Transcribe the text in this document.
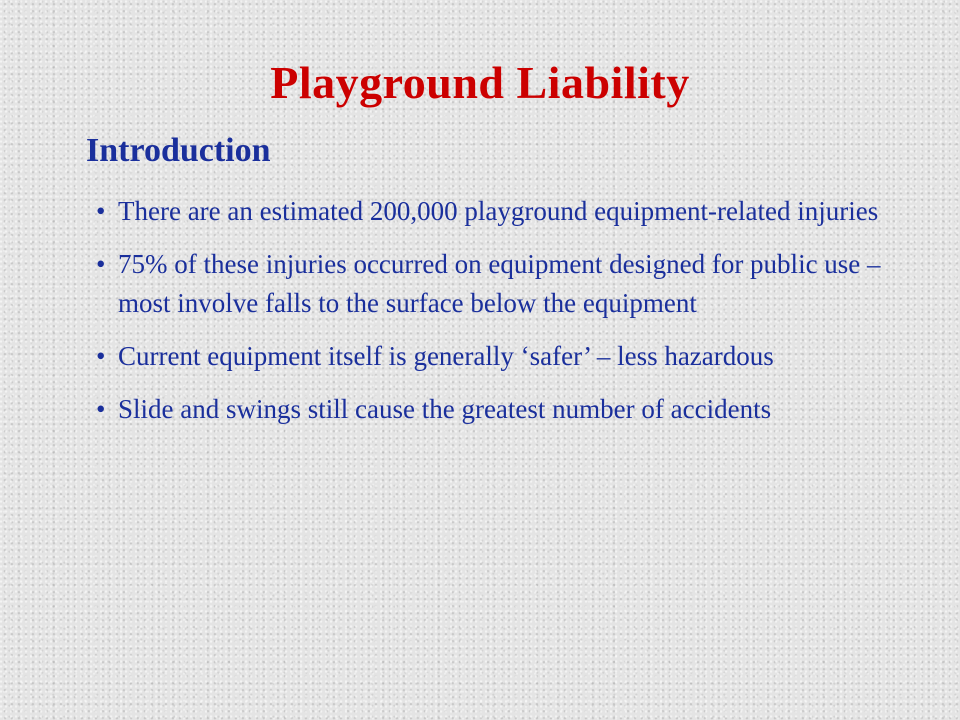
Playground Liability
Introduction
• There are an estimated 200,000 playground equipment-related injuries
• 75% of these injuries occurred on equipment designed for public use – most involve falls to the surface below the equipment
• Current equipment itself is generally ‘safer’ – less hazardous
• Slide and swings still cause the greatest number of accidents
